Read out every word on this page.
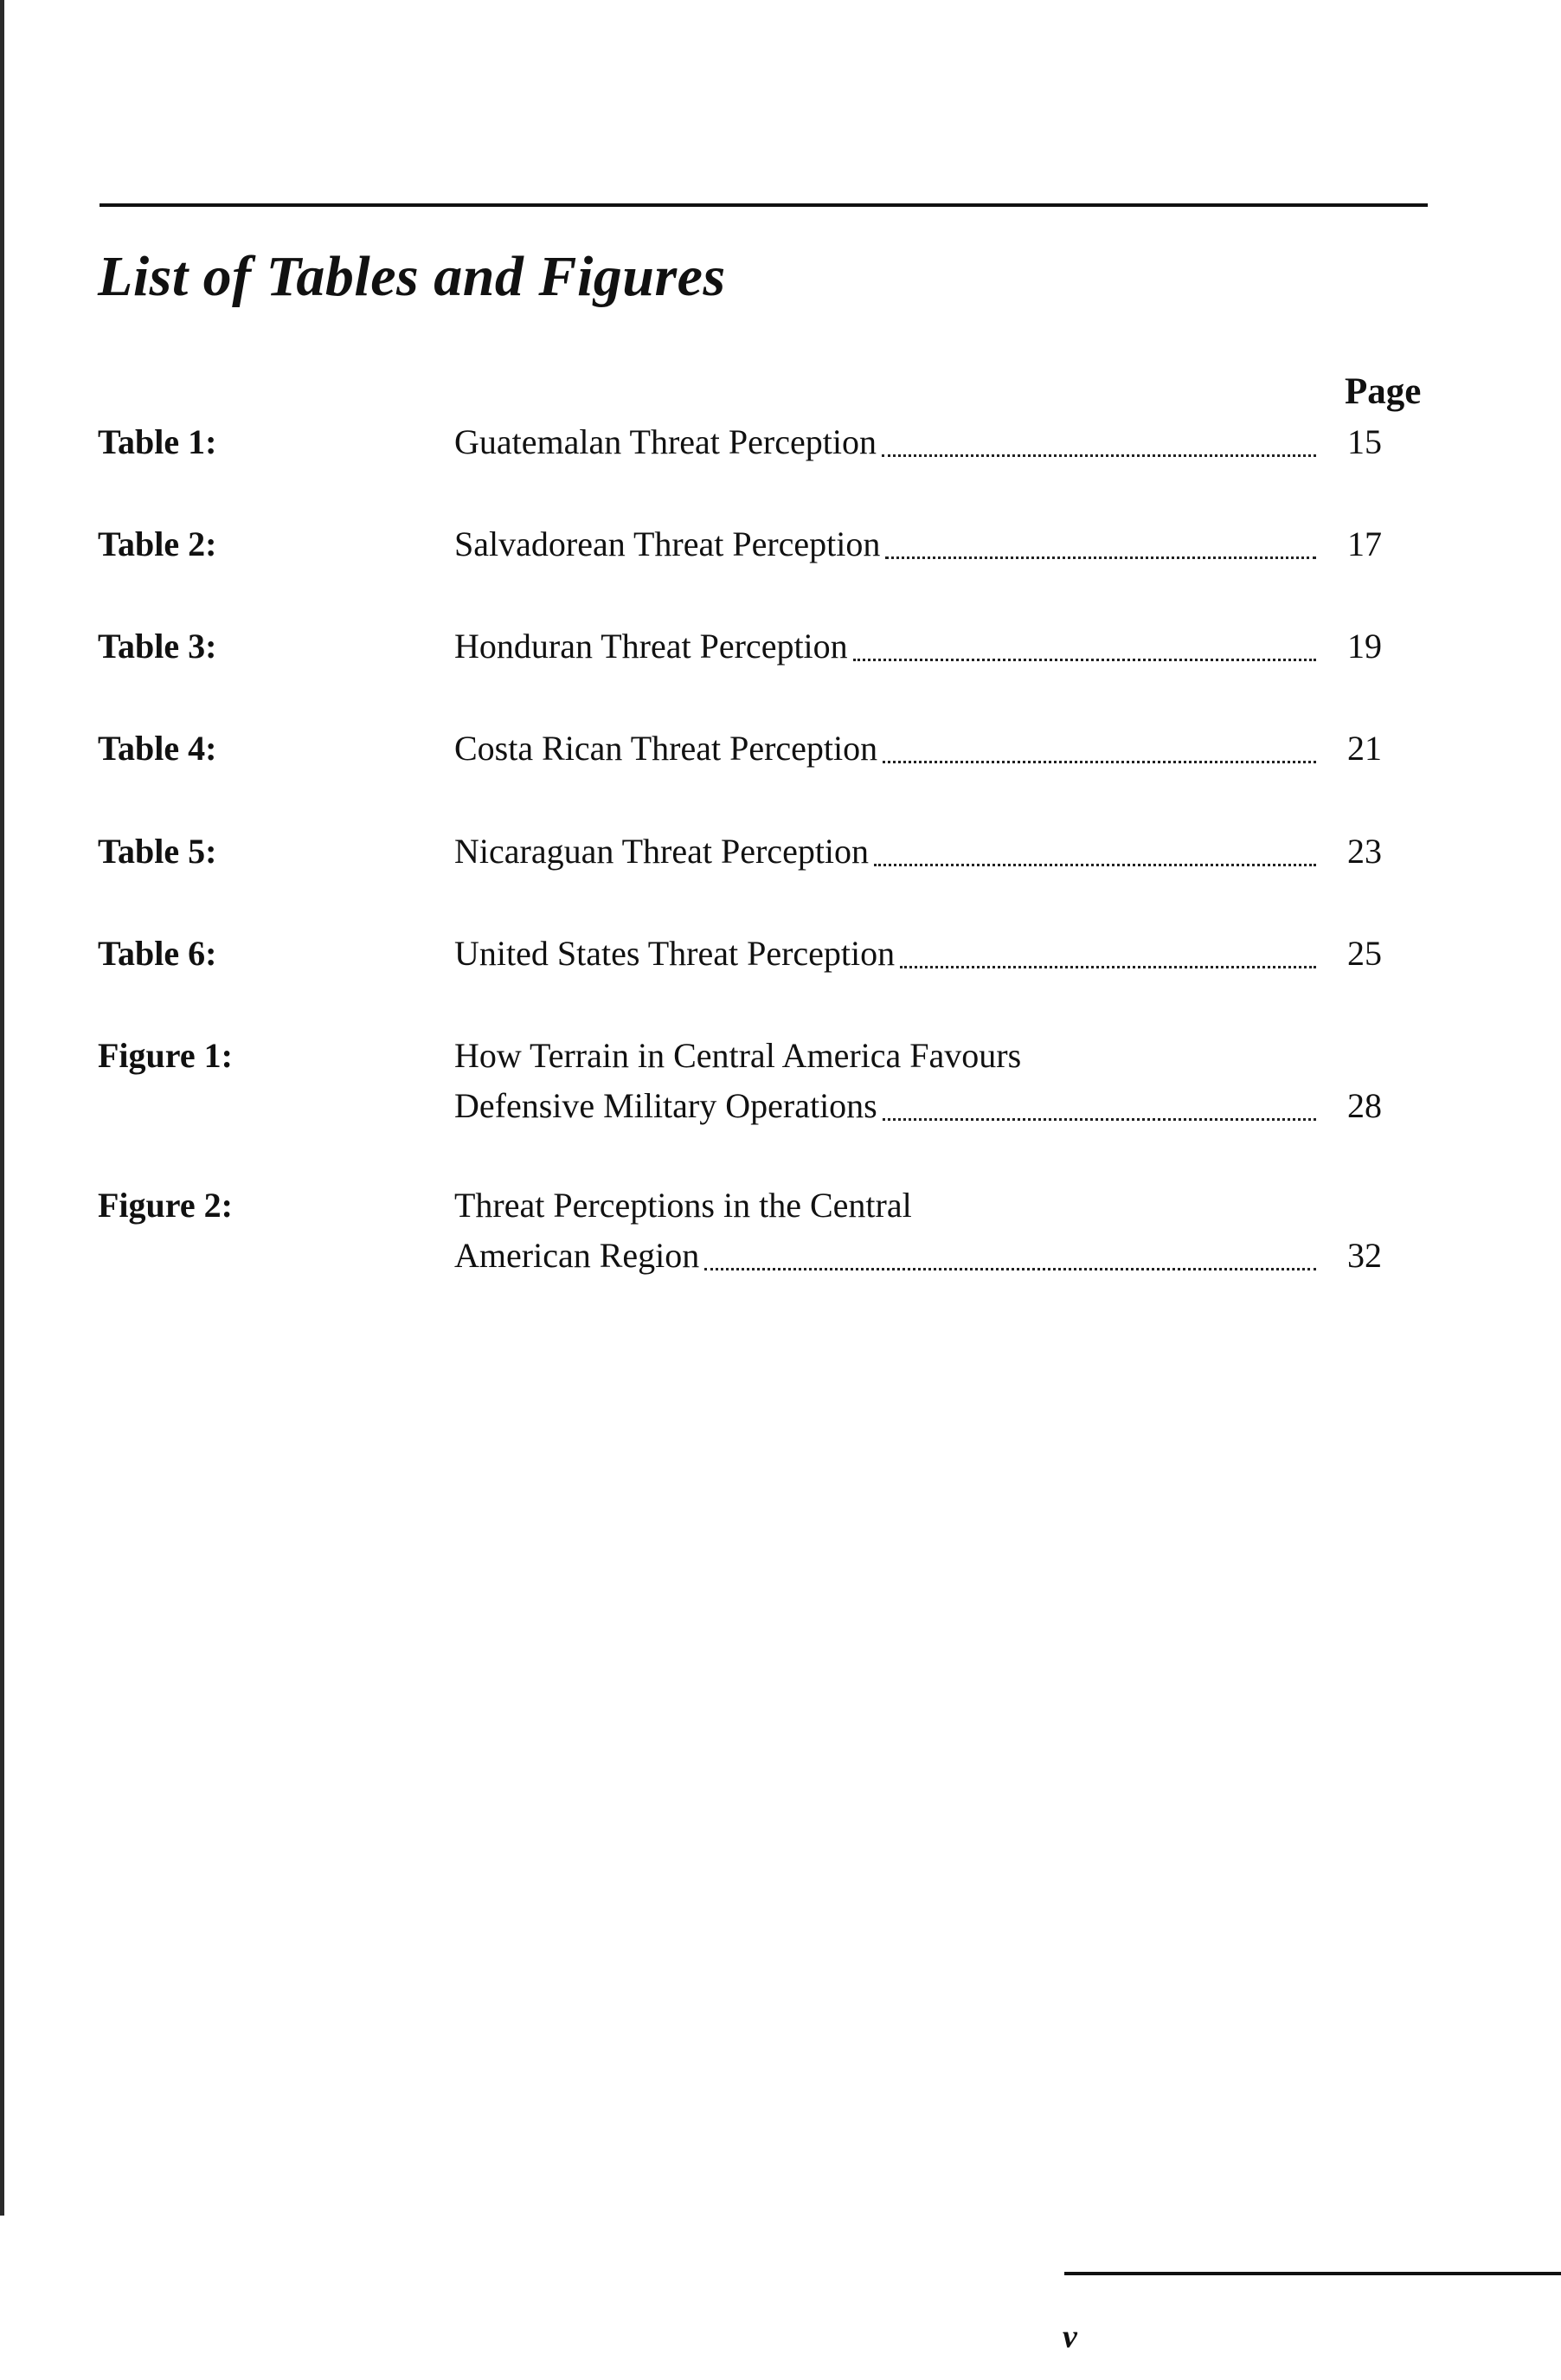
List of Tables and Figures
Page
Table 1:	Guatemalan Threat Perception	15
Table 2:	Salvadorean Threat Perception	17
Table 3:	Honduran Threat Perception	19
Table 4:	Costa Rican Threat Perception	21
Table 5:	Nicaraguan Threat Perception	23
Table 6:	United States Threat Perception	25
Figure 1:	How Terrain in Central America Favours
Defensive Military Operations	28
Figure 2:	Threat Perceptions in the Central
American Region	32
v
